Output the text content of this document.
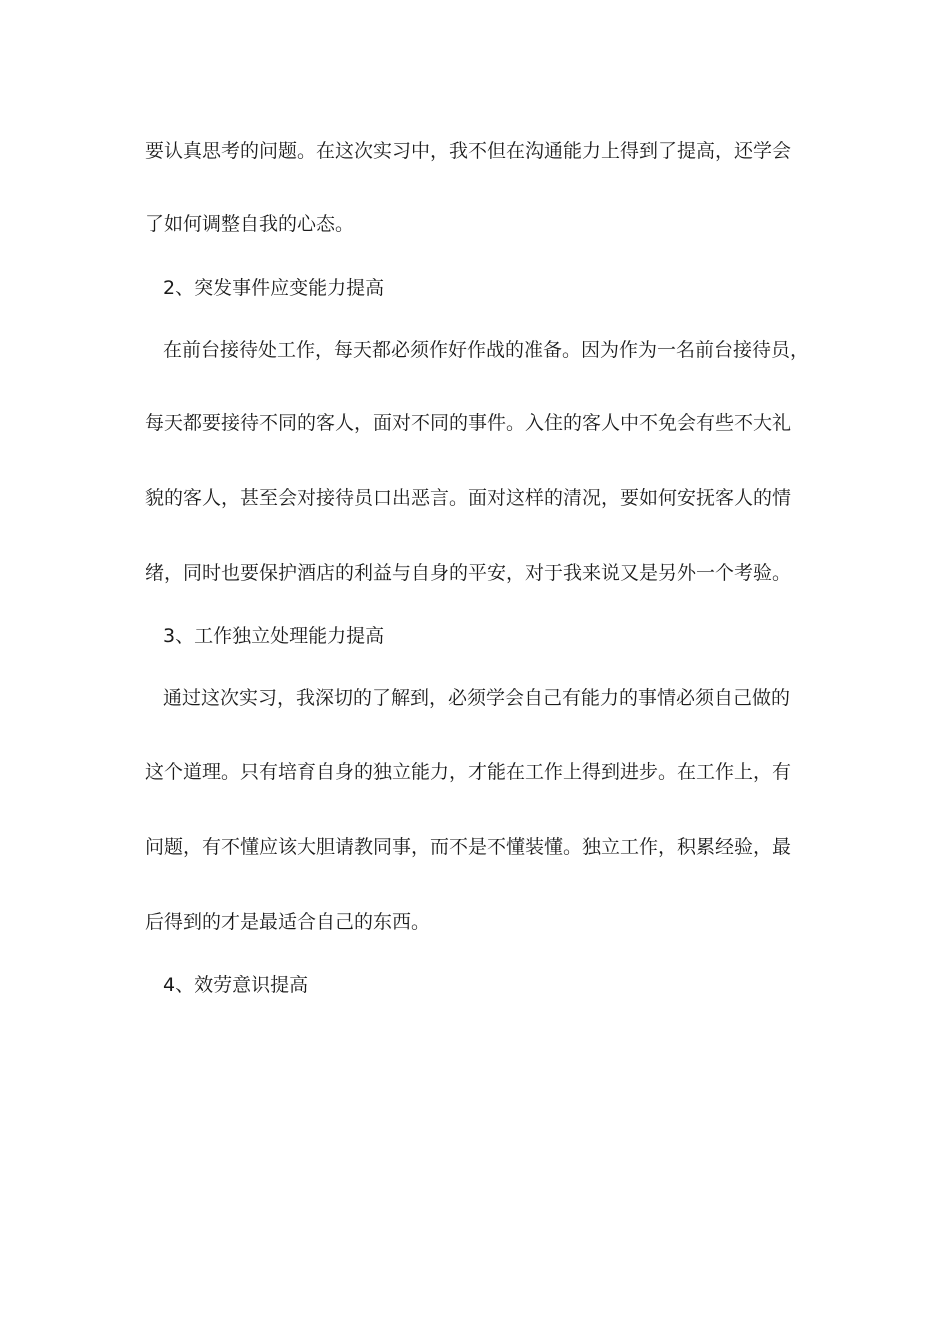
要认真思考的问题。在这次实习中，我不但在沟通能力上得到了提高，还学会
了如何调整自我的心态。
2、突发事件应变能力提高
在前台接待处工作，每天都必须作好作战的准备。因为作为一名前台接待员，
每天都要接待不同的客人，面对不同的事件。入住的客人中不免会有些不大礼
貌的客人，甚至会对接待员口出恶言。面对这样的清况，要如何安抚客人的情
绪，同时也要保护酒店的利益与自身的平安，对于我来说又是另外一个考验。
3、工作独立处理能力提高
通过这次实习，我深切的了解到，必须学会自己有能力的事情必须自己做的
这个道理。只有培育自身的独立能力，才能在工作上得到进步。在工作上，有
问题，有不懂应该大胆请教同事，而不是不懂装懂。独立工作，积累经验，最
后得到的才是最适合自己的东西。
4、效劳意识提高
